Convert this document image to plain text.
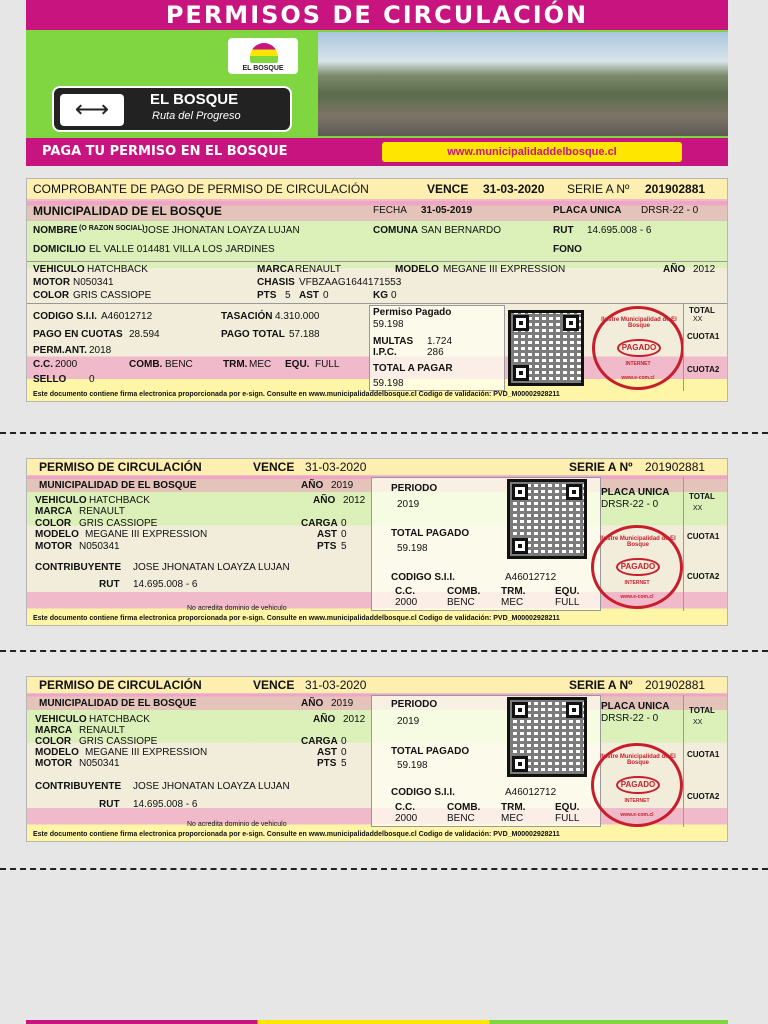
PERMISOS DE CIRCULACIÓN
EL BOSQUE
⟷	EL BOSQUE
Ruta del Progreso
PAGA TU PERMISO EN EL BOSQUE	www.municipalidaddelbosque.cl
COMPROBANTE DE PAGO DE PERMISO DE CIRCULACIÓN	VENCE 31-03-2020 SERIE A Nº 201902881
MUNICIPALIDAD DE EL BOSQUE	FECHA 31-05-2019	PLACA UNICA DRSR-22 - 0
NOMBRE (O RAZON SOCIAL)
JOSE JHONATAN LOAYZA LUJAN	COMUNA SAN BERNARDO	RUT 14.695.008 - 6
DOMICILIO EL VALLE 014481 VILLA LOS JARDINES	FONO
VEHICULO HATCHBACK	MARCA RENAULT	MODELO MEGANE III EXPRESSION	AÑO 2012
MOTOR N050341	CHASIS VFBZAAG1644171553
COLOR GRIS CASSIOPE	PTS 5 AST 0	KG 0
CODIGO S.I.I. A46012712	TASACIÓN 4.310.000
PAGO EN CUOTAS 28.594	PAGO TOTAL 57.188
PERM.ANT. 2018
C.C. 2000	COMB. BENC	TRM. MEC EQU. FULL
SELLO 0
Permiso Pagado
59.198
MULTAS 1.724
I.P.C.	286
TOTAL A PAGAR
59.198
Ilustre Municipalidad de El Bosque
PAGADO
INTERNET
www.e-com.cl
TOTAL
XX
CUOTA1
CUOTA2
Este documento contiene firma electronica proporcionada por e-sign. Consulte en www.municipalidaddelbosque.cl Codigo de validación: PVD_M000029282​11
PERMISO DE CIRCULACIÓN	VENCE 31-03-2020	SERIE A Nº 201902881
MUNICIPALIDAD DE EL BOSQUE	AÑO 2019
VEHICULO HATCHBACK	AÑO 2012
MARCA RENAULT
COLOR GRIS CASSIOPE	CARGA 0
MODELO MEGANE III EXPRESSION	AST 0
MOTOR N050341	PTS 5
CONTRIBUYENTE JOSE JHONATAN LOAYZA LUJAN
RUT 14.695.008 - 6
No acredita dominio de vehiculo
PERIODO
2019
TOTAL PAGADO
59.198
CODIGO S.I.I.	A46012712
C.C.
2000
COMB.
BENC
TRM.
MEC
EQU.
FULL
PLACA UNICA
DRSR-22 - 0
Ilustre Municipalidad de El Bosque
PAGADO
INTERNET
www.e-com.cl
TOTAL
XX
CUOTA1
CUOTA2
Este documento contiene firma electronica proporcionada por e-sign. Consulte en www.municipalidaddelbosque.cl Codigo de validación: PVD_M000029282​11
PERMISO DE CIRCULACIÓN	VENCE 31-03-2020	SERIE A Nº 201902881
MUNICIPALIDAD DE EL BOSQUE	AÑO 2019
VEHICULO HATCHBACK	AÑO 2012
MARCA RENAULT
COLOR GRIS CASSIOPE	CARGA 0
MODELO MEGANE III EXPRESSION	AST 0
MOTOR N050341	PTS 5
CONTRIBUYENTE JOSE JHONATAN LOAYZA LUJAN
RUT 14.695.008 - 6
No acredita dominio de vehiculo
PERIODO
2019
TOTAL PAGADO
59.198
CODIGO S.I.I.	A46012712
C.C.
2000
COMB.
BENC
TRM.
MEC
EQU.
FULL
PLACA UNICA
DRSR-22 - 0
Ilustre Municipalidad de El Bosque
PAGADO
INTERNET
www.e-com.cl
TOTAL
XX
CUOTA1
CUOTA2
Este documento contiene firma electronica proporcionada por e-sign. Consulte en www.municipalidaddelbosque.cl Codigo de validación: PVD_M000029282​11
